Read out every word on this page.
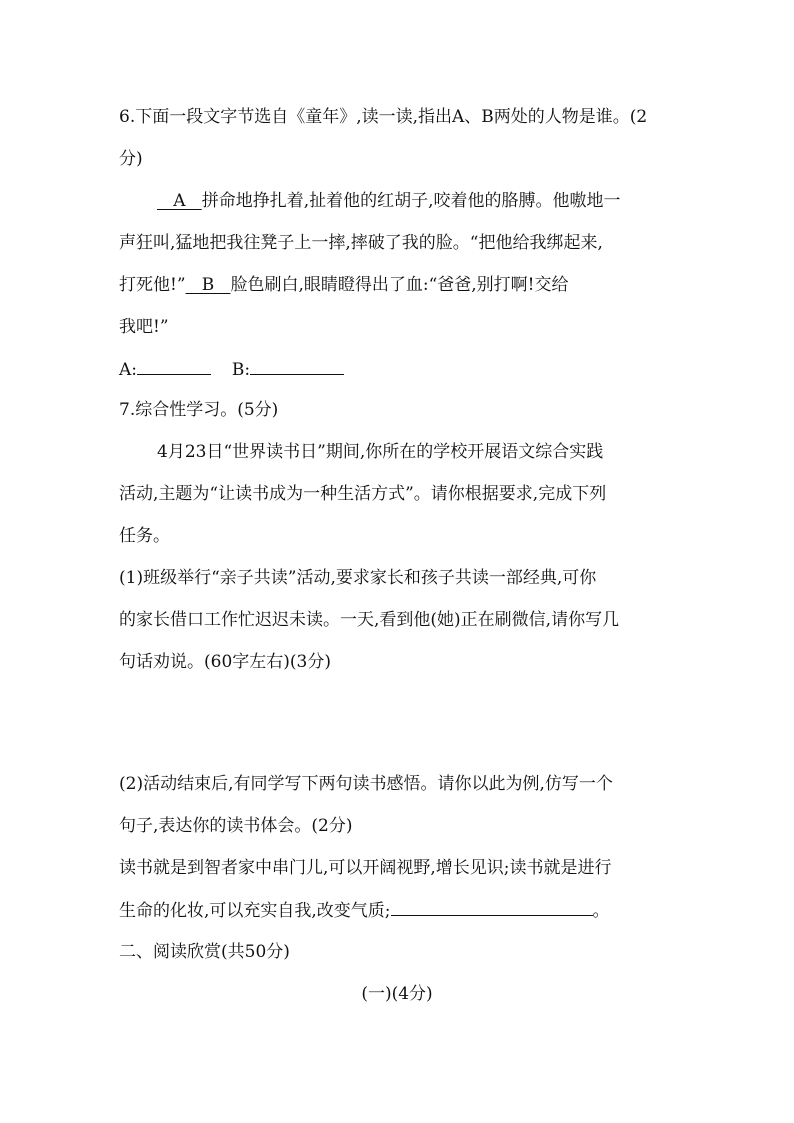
6.下面一段文字节选自《童年》,读一读,指出A、B两处的人物是谁。(2
分)
A   拼命地挣扎着,扯着他的红胡子,咬着他的胳膊。他嗷地一
声狂叫,猛地把我往凳子上一摔,摔破了我的脸。“把他给我绑起来,
打死他!”   B   脸色刷白,眼睛瞪得出了血:“爸爸,别打啊!交给
我吧!”
A:	B:
7.综合性学习。(5分)
4月23日“世界读书日”期间,你所在的学校开展语文综合实践
活动,主题为“让读书成为一种生活方式”。请你根据要求,完成下列
任务。
(1)班级举行“亲子共读”活动,要求家长和孩子共读一部经典,可你
的家长借口工作忙迟迟未读。一天,看到他(她)正在刷微信,请你写几
句话劝说。(60字左右)(3分)
(2)活动结束后,有同学写下两句读书感悟。请你以此为例,仿写一个
句子,表达你的读书体会。(2分)
读书就是到智者家中串门儿,可以开阔视野,增长见识;读书就是进行
生命的化妆,可以充实自我,改变气质;	。
二、阅读欣赏(共50分)
(一)(4分)
